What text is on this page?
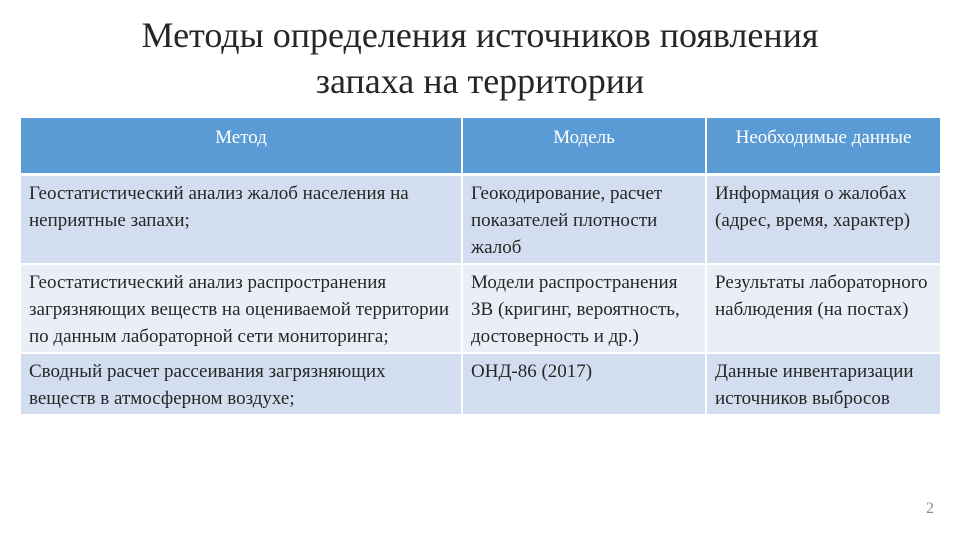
Методы определения источников появления
запаха на территории
Метод	Модель	Необходимые данные
Геостатистический анализ жалоб населения на неприятные запахи;	Геокодирование, расчет показателей плотности жалоб	Информация о жалобах (адрес, время, характер)
Геостатистический анализ распространения загрязняющих веществ на оцениваемой территории по данным лабораторной сети мониторинга;	Модели распространения ЗВ (кригинг, вероятность, достоверность и др.)	Результаты лабораторного наблюдения (на постах)
Сводный расчет рассеивания загрязняющих веществ в атмосферном воздухе;	ОНД-86 (2017)	Данные инвентаризации источников выбросов
2
